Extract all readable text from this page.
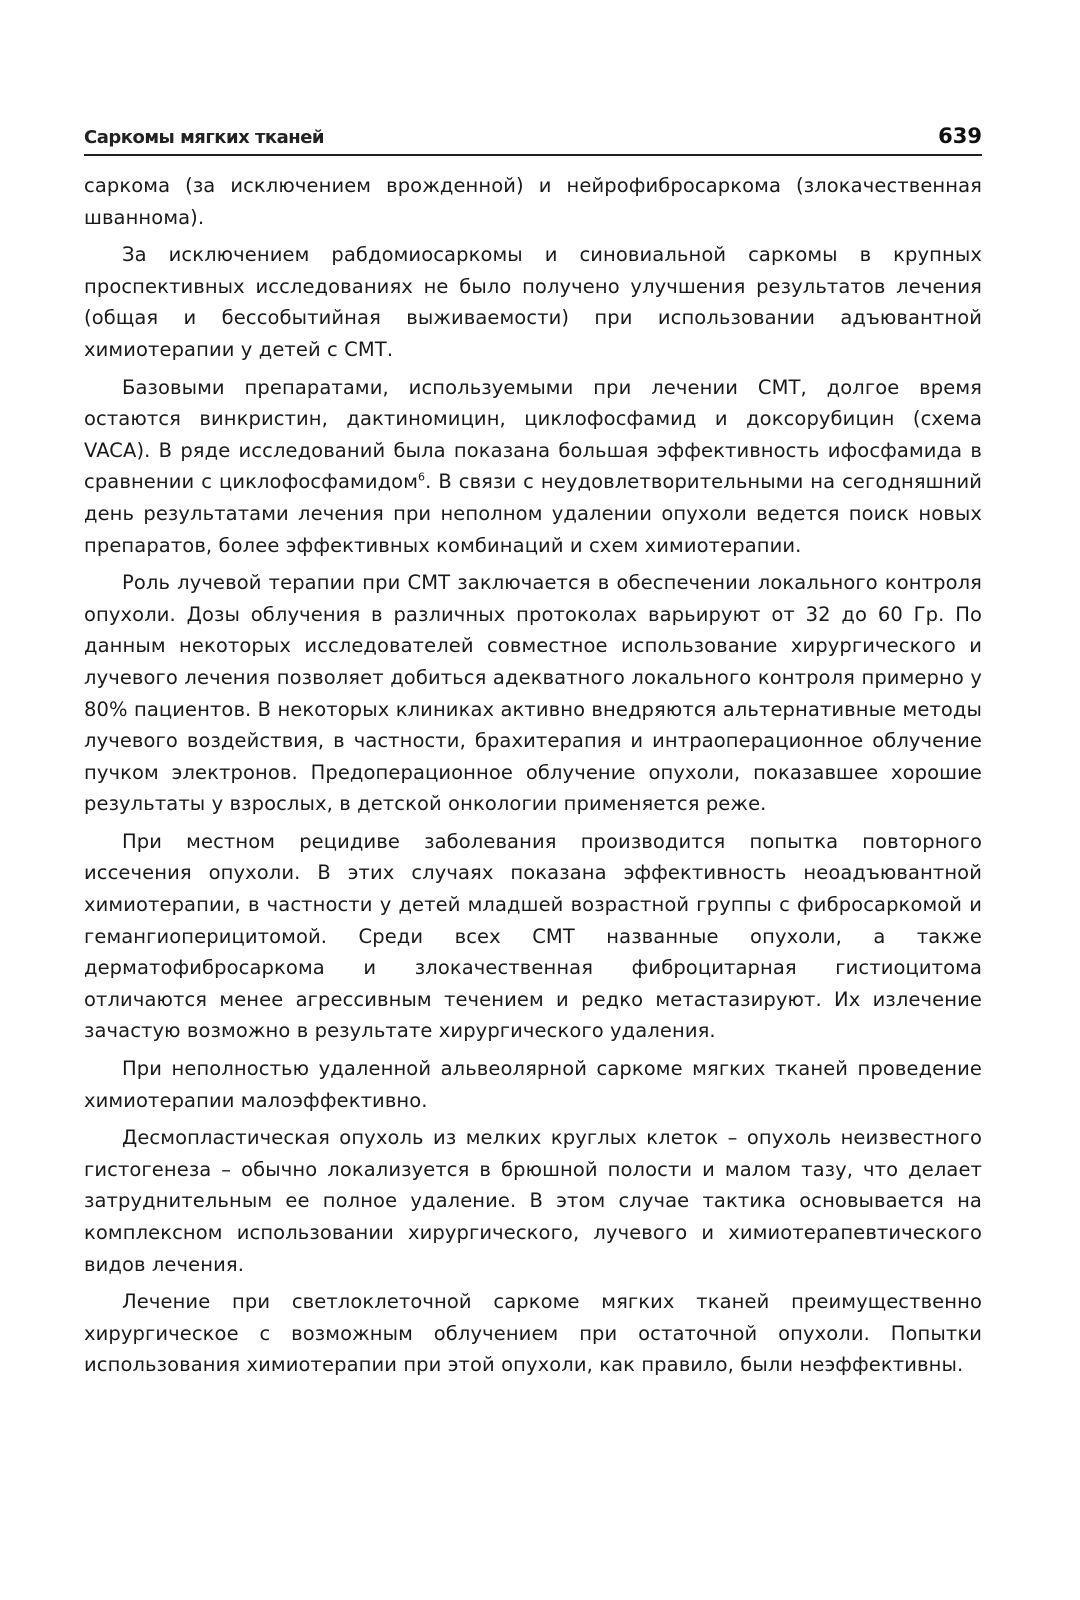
Саркомы мягких тканей	639

саркома (за исключением врожденной) и нейрофибросаркома (злокачественная шваннома).

За исключением рабдомиосаркомы и синовиальной саркомы в крупных проспективных исследованиях не было получено улучшения результатов лечения (общая и бессобытийная выживаемости) при использовании адъювантной химиотерапии у детей с СМТ.

Базовыми препаратами, используемыми при лечении СМТ, долгое время остаются винкристин, дактиномицин, циклофосфамид и доксорубицин (схема VACA). В ряде исследований была показана большая эффективность ифосфамида в сравнении с циклофосфамидом$^6$. В связи с неудовлетворительными на сегодняшний день результатами лечения при неполном удалении опухоли ведется поиск новых препаратов, более эффективных комбинаций и схем химиотерапии.

Роль лучевой терапии при СМТ заключается в обеспечении локального контроля опухоли. Дозы облучения в различных протоколах варьируют от 32 до 60 Гр. По данным некоторых исследователей совместное использование хирургического и лучевого лечения позволяет добиться адекватного локального контроля примерно у 80% пациентов. В некоторых клиниках активно внедряются альтернативные методы лучевого воздействия, в частности, брахитерапия и интраоперационное облучение пучком электронов. Предоперационное облучение опухоли, показавшее хорошие результаты у взрослых, в детской онкологии применяется реже.

При местном рецидиве заболевания производится попытка повторного иссечения опухоли. В этих случаях показана эффективность неоадъювантной химиотерапии, в частности у детей младшей возрастной группы с фибросаркомой и гемангиоперицитомой. Среди всех СМТ названные опухоли, а также дерматофибросаркома и злокачественная фиброцитарная гистиоцитома отличаются менее агрессивным течением и редко метастазируют. Их излечение зачастую возможно в результате хирургического удаления.

При неполностью удаленной альвеолярной саркоме мягких тканей проведение химиотерапии малоэффективно.

Десмопластическая опухоль из мелких круглых клеток – опухоль неизвестного гистогенеза – обычно локализуется в брюшной полости и малом тазу, что делает затруднительным ее полное удаление. В этом случае тактика основывается на комплексном использовании хирургического, лучевого и химиотерапевтического видов лечения.

Лечение при светлоклеточной саркоме мягких тканей преимущественно хирургическое с возможным облучением при остаточной опухоли. Попытки использования химиотерапии при этой опухоли, как правило, были неэффективны.
